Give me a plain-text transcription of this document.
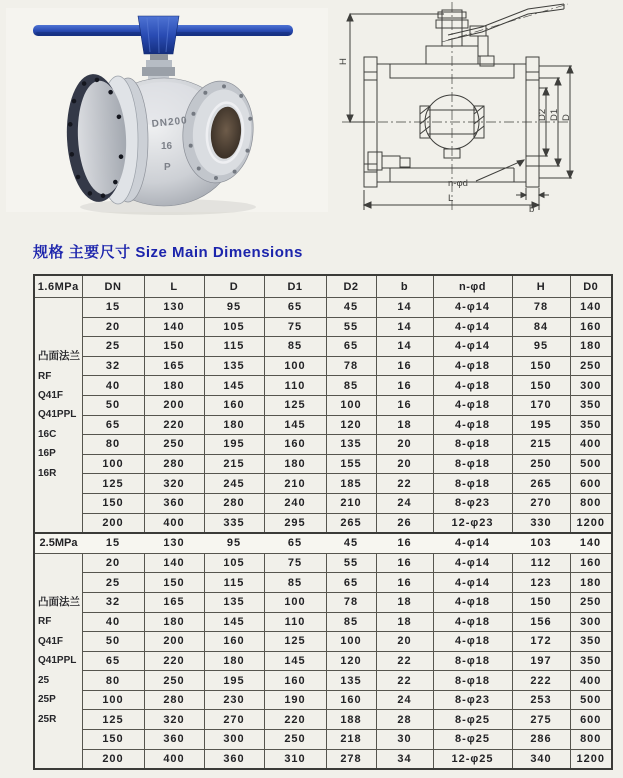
DN200
16
P
H
D2 D1 D
L
b
n-φd
规格 主要尺寸 Size Main Dimensions
1.6MPa	DN	L	D	D1	D2	b	n-φd	H	D0

凸面法兰
RF
Q41F
Q41PPL
16C
16P
16R
	15	130	95	65	45	14	4-φ14	78	140
	20	140	105	75	55	14	4-φ14	84	160
	25	150	115	85	65	14	4-φ14	95	180
	32	165	135	100	78	16	4-φ18	150	250
	40	180	145	110	85	16	4-φ18	150	300
	50	200	160	125	100	16	4-φ18	170	350
	65	220	180	145	120	18	4-φ18	195	350
	80	250	195	160	135	20	8-φ18	215	400
	100	280	215	180	155	20	8-φ18	250	500
	125	320	245	210	185	22	8-φ18	265	600
	150	360	280	240	210	24	8-φ23	270	800
	200	400	335	295	265	26	12-φ23	330	1200
2.5MPa	15	130	95	65	45	16	4-φ14	103	140

凸面法兰
RF
Q41F
Q41PPL
25
25P
25R
	20	140	105	75	55	16	4-φ14	112	160
	25	150	115	85	65	16	4-φ14	123	180
	32	165	135	100	78	18	4-φ18	150	250
	40	180	145	110	85	18	4-φ18	156	300
	50	200	160	125	100	20	4-φ18	172	350
	65	220	180	145	120	22	8-φ18	197	350
	80	250	195	160	135	22	8-φ18	222	400
	100	280	230	190	160	24	8-φ23	253	500
	125	320	270	220	188	28	8-φ25	275	600
	150	360	300	250	218	30	8-φ25	286	800
	200	400	360	310	278	34	12-φ25	340	1200
